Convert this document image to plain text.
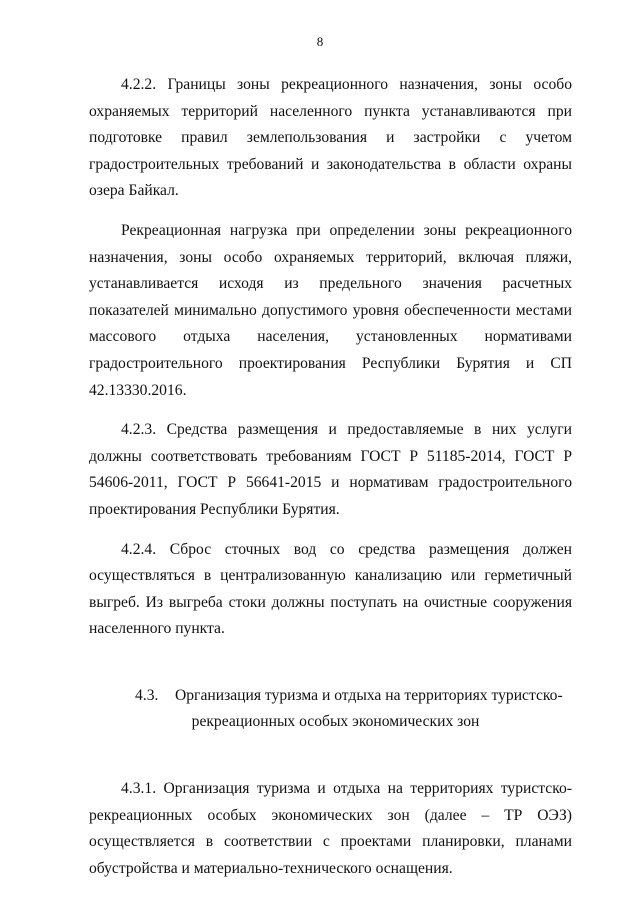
8

4.2.2. Границы зоны рекреационного назначения, зоны особо охраняемых территорий населенного пункта устанавливаются при подготовке правил землепользования и застройки с учетом градостроительных требований и законодательства в области охраны озера Байкал.

Рекреационная нагрузка при определении зоны рекреационного назначения, зоны особо охраняемых территорий, включая пляжи, устанавливается исходя из предельного значения расчетных показателей минимально допустимого уровня обеспеченности местами массового отдыха населения, установленных нормативами градостроительного проектирования Республики Бурятия и СП 42.13330.2016.

4.2.3. Средства размещения и предоставляемые в них услуги должны соответствовать требованиям ГОСТ Р 51185-2014, ГОСТ Р 54606-2011, ГОСТ Р 56641-2015 и нормативам градостроительного проектирования Республики Бурятия.

4.2.4. Сброс сточных вод со средства размещения должен осуществляться в централизованную канализацию или герметичный выгреб. Из выгреба стоки должны поступать на очистные сооружения населенного пункта.

4.3. Организация туризма и отдыха на территориях туристско-
рекреационных особых экономических зон

4.3.1. Организация туризма и отдыха на территориях туристско-рекреационных особых экономических зон (далее – ТР ОЭЗ) осуществляется в соответствии с проектами планировки, планами обустройства и материально-технического оснащения.
